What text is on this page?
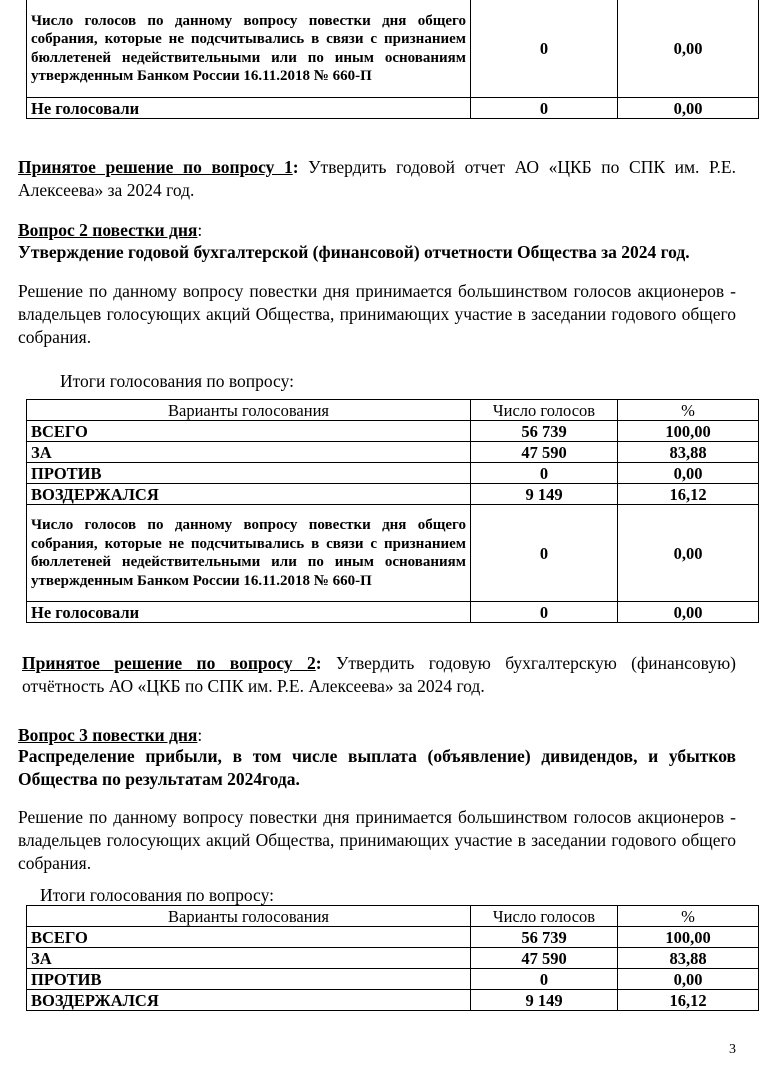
Число голосов по данному вопросу повестки дня общего собрания, которые не подсчитывались в связи с признанием бюллетеней недействительными или по иным основаниям утвержденным Банком России 16.11.2018 № 660-П	0	0,00
Не голосовали	0	0,00

Принятое решение по вопросу 1: Утвердить годовой отчет АО «ЦКБ по СПК им. Р.Е. Алексеева» за 2024 год.

Вопрос 2 повестки дня:

Утверждение годовой бухгалтерской (финансовой) отчетности Общества за 2024 год.

Решение по данному вопросу повестки дня принимается большинством голосов акционеров - владельцев голосующих акций Общества, принимающих участие в заседании годового общего собрания.

Итоги голосования по вопросу:

Варианты голосования	Число голосов	%
ВСЕГО	56 739	100,00
ЗА	47 590	83,88
ПРОТИВ	0	0,00
ВОЗДЕРЖАЛСЯ	9 149	16,12
Число голосов по данному вопросу повестки дня общего собрания, которые не подсчитывались в связи с признанием бюллетеней недействительными или по иным основаниям утвержденным Банком России 16.11.2018 № 660-П	0	0,00
Не голосовали	0	0,00

Принятое решение по вопросу 2: Утвердить годовую бухгалтерскую (финансовую) отчётность АО «ЦКБ по СПК им. Р.Е. Алексеева» за 2024 год.

Вопрос 3 повестки дня:

Распределение прибыли, в том числе выплата (объявление) дивидендов, и убытков Общества по результатам 2024года.

Решение по данному вопросу повестки дня принимается большинством голосов акционеров - владельцев голосующих акций Общества, принимающих участие в заседании годового общего собрания.

Итоги голосования по вопросу:

Варианты голосования	Число голосов	%
ВСЕГО	56 739	100,00
ЗА	47 590	83,88
ПРОТИВ	0	0,00
ВОЗДЕРЖАЛСЯ	9 149	16,12
3
